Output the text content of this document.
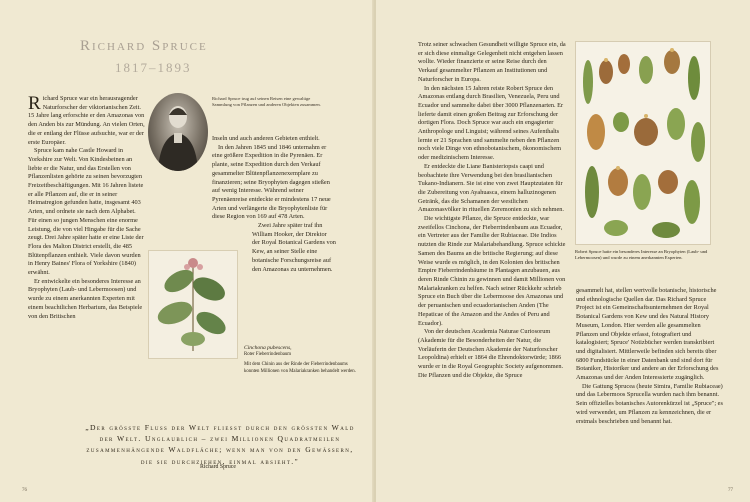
Richard Spruce
1817–1893

Richard Spruce war ein herausragender Naturforscher der viktorianischen Zeit. 15 Jahre lang erforschte er den Amazonas von den Anden bis zur Mündung. An vielen Orten, die er entlang der Flüsse aufsuchte, war er der erste Europäer.

Spruce kam nahe Castle Howard in Yorkshire zur Welt. Von Kindesbeinen an liebte er die Natur, und das Erstellen von Pflanzenlisten gehörte zu seinen bevorzugten Freizeitbeschäftigungen. Mit 16 Jahren listete er alle Pflanzen auf, die er in seiner Heimatregion gefunden hatte, insgesamt 403 Arten, und ordnete sie nach dem Alphabet. Für einen so jungen Menschen eine enorme Leistung, die von viel Hingabe für die Sache zeugt. Drei Jahre später hatte er eine Liste der Flora des Malton District erstellt, die 485 Blütenpflanzen enthielt. Viele davon wurden in Henry Baines' Flora of Yorkshire (1840) erwähnt.

Er entwickelte ein besonderes Interesse an Bryophyten (Laub- und Lebermoosen) und wurde zu einem anerkannten Experten mit einem beachtlichen Herbarium, das Beispiele von den Britischen

Richard Spruce trug auf seinen Reisen eine gewaltige Sammlung von Pflanzen und anderen Objekten zusammen.

Inseln und auch anderen Gebieten enthielt.

In den Jahren 1845 und 1846 unternahm er eine größere Expedition in die Pyrenäen. Er plante, seine Expedition durch den Verkauf gesammelter Blütenpflanzenexemplare zu finanzieren; seine Bryophyten dagegen stießen auf wenig Interesse. Während seiner Pyrenäenreise entdeckte er mindestens 17 neue Arten und verlängerte die Bryophytenliste für diese Region von 169 auf 478 Arten.

Zwei Jahre später traf ihn William Hooker, der Direktor der Royal Botanical Gardens von Kew, an seiner Stelle eine botanische Forschungsreise auf den Amazonas zu unternehmen.

Cinchona pubescens,
Roter Fieberrindenbaum
Mit dem Chinin aus der Rinde der Fieberrindenbaums konnten Millionen von Malariakranken behandelt werden.
„Der grösste Fluss der Welt fliesst durch den grössten Wald der Welt. Unglaublich – zwei Millionen Quadratmeilen zusammenhängende Waldfläche; wenn man von den Gewässern, die sie durchziehen, einmal absieht."
Richard Spruce
76

Trotz seiner schwachen Gesundheit willigte Spruce ein, da er sich diese einmalige Gelegenheit nicht entgehen lassen wollte. Wieder finanzierte er seine Reise durch den Verkauf gesammelter Pflanzen an Institutionen und Naturforscher in Europa.

In den nächsten 15 Jahren reiste Robert Spruce den Amazonas entlang durch Brasilien, Venezuela, Peru und Ecuador und sammelte dabei über 3000 Pflanzenarten. Er lieferte damit einen großen Beitrag zur Erforschung der dortigen Flora. Doch Spruce war auch ein engagierter Anthropologe und Linguist; während seines Aufenthalts lernte er 21 Sprachen und sammelte neben den Pflanzen noch viele Dinge von ethnobotanischem, ökonomischem oder medizinischem Interesse.

Er entdeckte die Liane Banisteriopsis caapi und beobachtete ihre Verwendung bei den brasilianischen Tukano-Indianern. Sie ist eine von zwei Hauptzutaten für die Zubereitung von Ayahuasca, einem halluzinogenen Getränk, das die Schamanen der westlichen Amazonasvölker in rituellen Zeremonien zu sich nehmen.

Die wichtigste Pflanze, die Spruce entdeckte, war zweifellos Cinchona, der Fieberrindenbaum aus Ecuador, ein Vertreter aus der Familie der Rubiaceae. Die Indios nutzten die Rinde zur Malariabehandlung. Spruce schickte Samen des Baums an die britische Regierung; auf diese Weise wurde es möglich, in den Kolonien des britischen Empire Fieberrindenbäume in Plantagen anzubauen, aus deren Rinde Chinin zu gewinnen und damit Millionen von Malariakranken zu helfen. Nach seiner Rückkehr schrieb Spruce ein Buch über die Lebermoose des Amazonas und der peruanischen und ecuadorianischen Anden (The Hepaticae of the Amazon and the Andes of Peru and Ecuador).

Von der deutschen Academia Naturae Curiosorum (Akademie für die Besonderheiten der Natur, die Vorläuferin der Deutschen Akademie der Naturforscher Leopoldina) erhielt er 1864 die Ehrendoktorwürde; 1866 wurde er in die Royal Geographic Society aufgenommen. Die Pflanzen und die Objekte, die Spruce

Robert Spruce hatte ein besonderes Interesse an Bryophyten (Laub- und Lebermoosen) und wurde zu einem anerkannten Experten.

gesammelt hat, stellen wertvolle botanische, historische und ethnologische Quellen dar. Das Richard Spruce Project ist ein Gemeinschaftsunternehmen der Royal Botanical Gardens von Kew und des Natural History Museum, London. Hier werden alle gesammelten Pflanzen und Objekte erfasst, fotografiert und katalogisiert; Spruce' Notizbücher werden transkribiert und digitalisiert. Mittlerweile befinden sich bereits über 6800 Fundstücke in einer Datenbank und sind dort für Botaniker, Historiker und andere an der Erforschung des Amazonas und der Anden Interessierte zugänglich.

Die Gattung Sprucea (heute Simira, Familie Rubiaceae) und das Lebermoos Sprucella wurden nach ihm benannt. Sein offizielles botanisches Autorenkürzel ist „Spruce"; es wird verwendet, um Pflanzen zu kennzeichnen, die er erstmals beschrieben und benannt hat.

77
